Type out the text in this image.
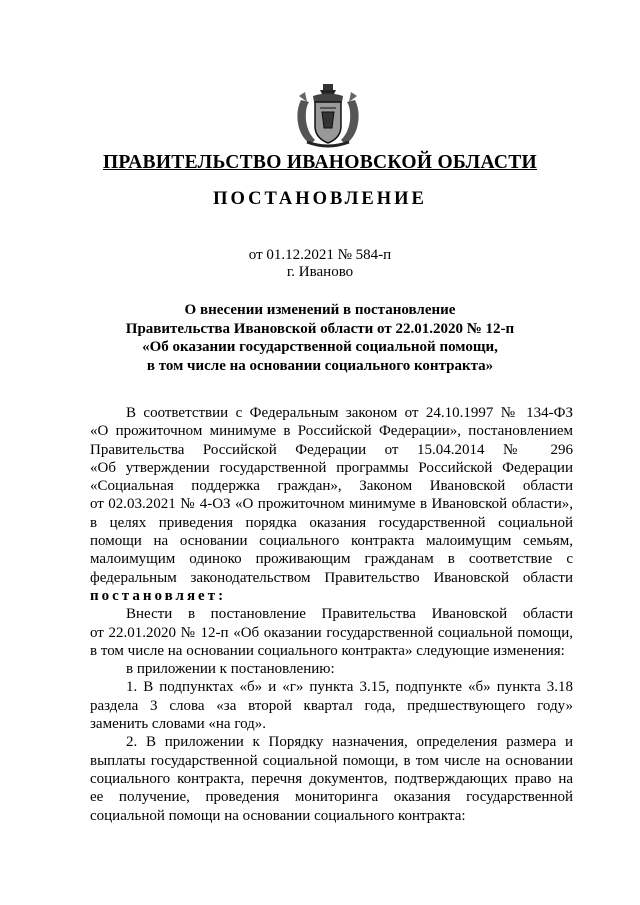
ПРАВИТЕЛЬСТВО ИВАНОВСКОЙ ОБЛАСТИ
ПОСТАНОВЛЕНИЕ
от 01.12.2021 № 584-п
г. Иваново
О внесении изменений в постановление
Правительства Ивановской области от 22.01.2020 № 12-п
«Об оказании государственной социальной помощи,
в том числе на основании социального контракта»

В соответствии с Федеральным законом от 24.10.1997 № 134-ФЗ

«О прожиточном минимуме в Российской Федерации», постановлением

Правительства Российской Федерации от 15.04.2014 № 296

«Об утверждении государственной программы Российской Федерации

«Социальная поддержка граждан», Законом Ивановской области

от 02.03.2021 № 4-ОЗ «О прожиточном минимуме в Ивановской области»,

в целях приведения порядка оказания государственной социальной

помощи на основании социального контракта малоимущим семьям,

малоимущим одиноко проживающим гражданам в соответствие с

федеральным законодательством Правительство Ивановской области

постановляет:

Внести в постановление Правительства Ивановской области

от 22.01.2020 № 12-п «Об оказании государственной социальной помощи,

в том числе на основании социального контракта» следующие изменения:

в приложении к постановлению:

1. В подпунктах «б» и «г» пункта 3.15, подпункте «б» пункта 3.18

раздела 3 слова «за второй квартал года, предшествующего году»

заменить словами «на год».

2. В приложении к Порядку назначения, определения размера и

выплаты государственной социальной помощи, в том числе на основании

социального контракта, перечня документов, подтверждающих право на

ее получение, проведения мониторинга оказания государственной

социальной помощи на основании социального контракта:
